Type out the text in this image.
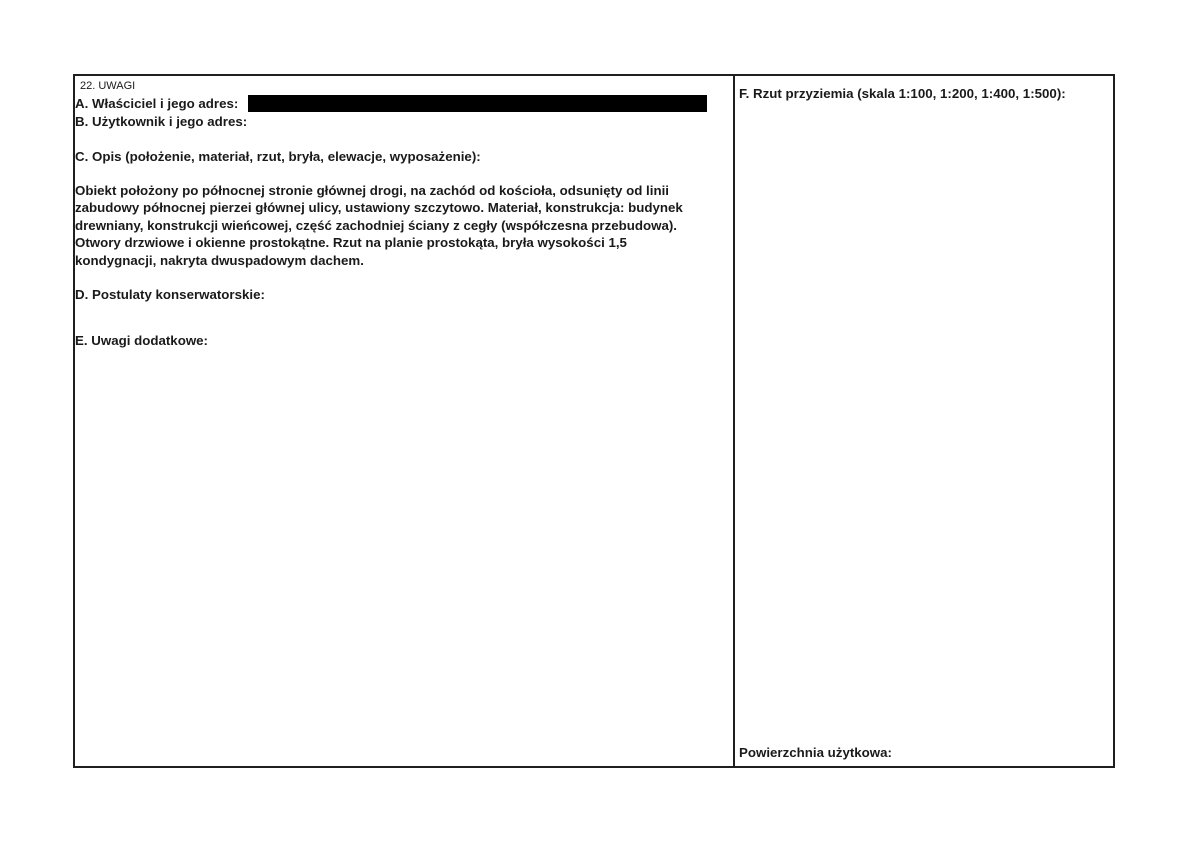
22. UWAGI
A. Właściciel i jego adres:
B. Użytkownik i jego adres:
C. Opis (położenie, materiał, rzut, bryła, elewacje, wyposażenie):
Obiekt położony po północnej stronie głównej drogi, na zachód od kościoła, odsunięty od linii
zabudowy północnej pierzei głównej ulicy, ustawiony szczytowo. Materiał, konstrukcja: budynek
drewniany, konstrukcji wieńcowej, część zachodniej ściany z cegły (współczesna przebudowa).
Otwory drzwiowe i okienne prostokątne. Rzut na planie prostokąta, bryła wysokości 1,5
kondygnacji, nakryta dwuspadowym dachem.
D. Postulaty konserwatorskie:
E. Uwagi dodatkowe:
F. Rzut przyziemia (skala 1:100, 1:200, 1:400, 1:500):
Powierzchnia użytkowa:
